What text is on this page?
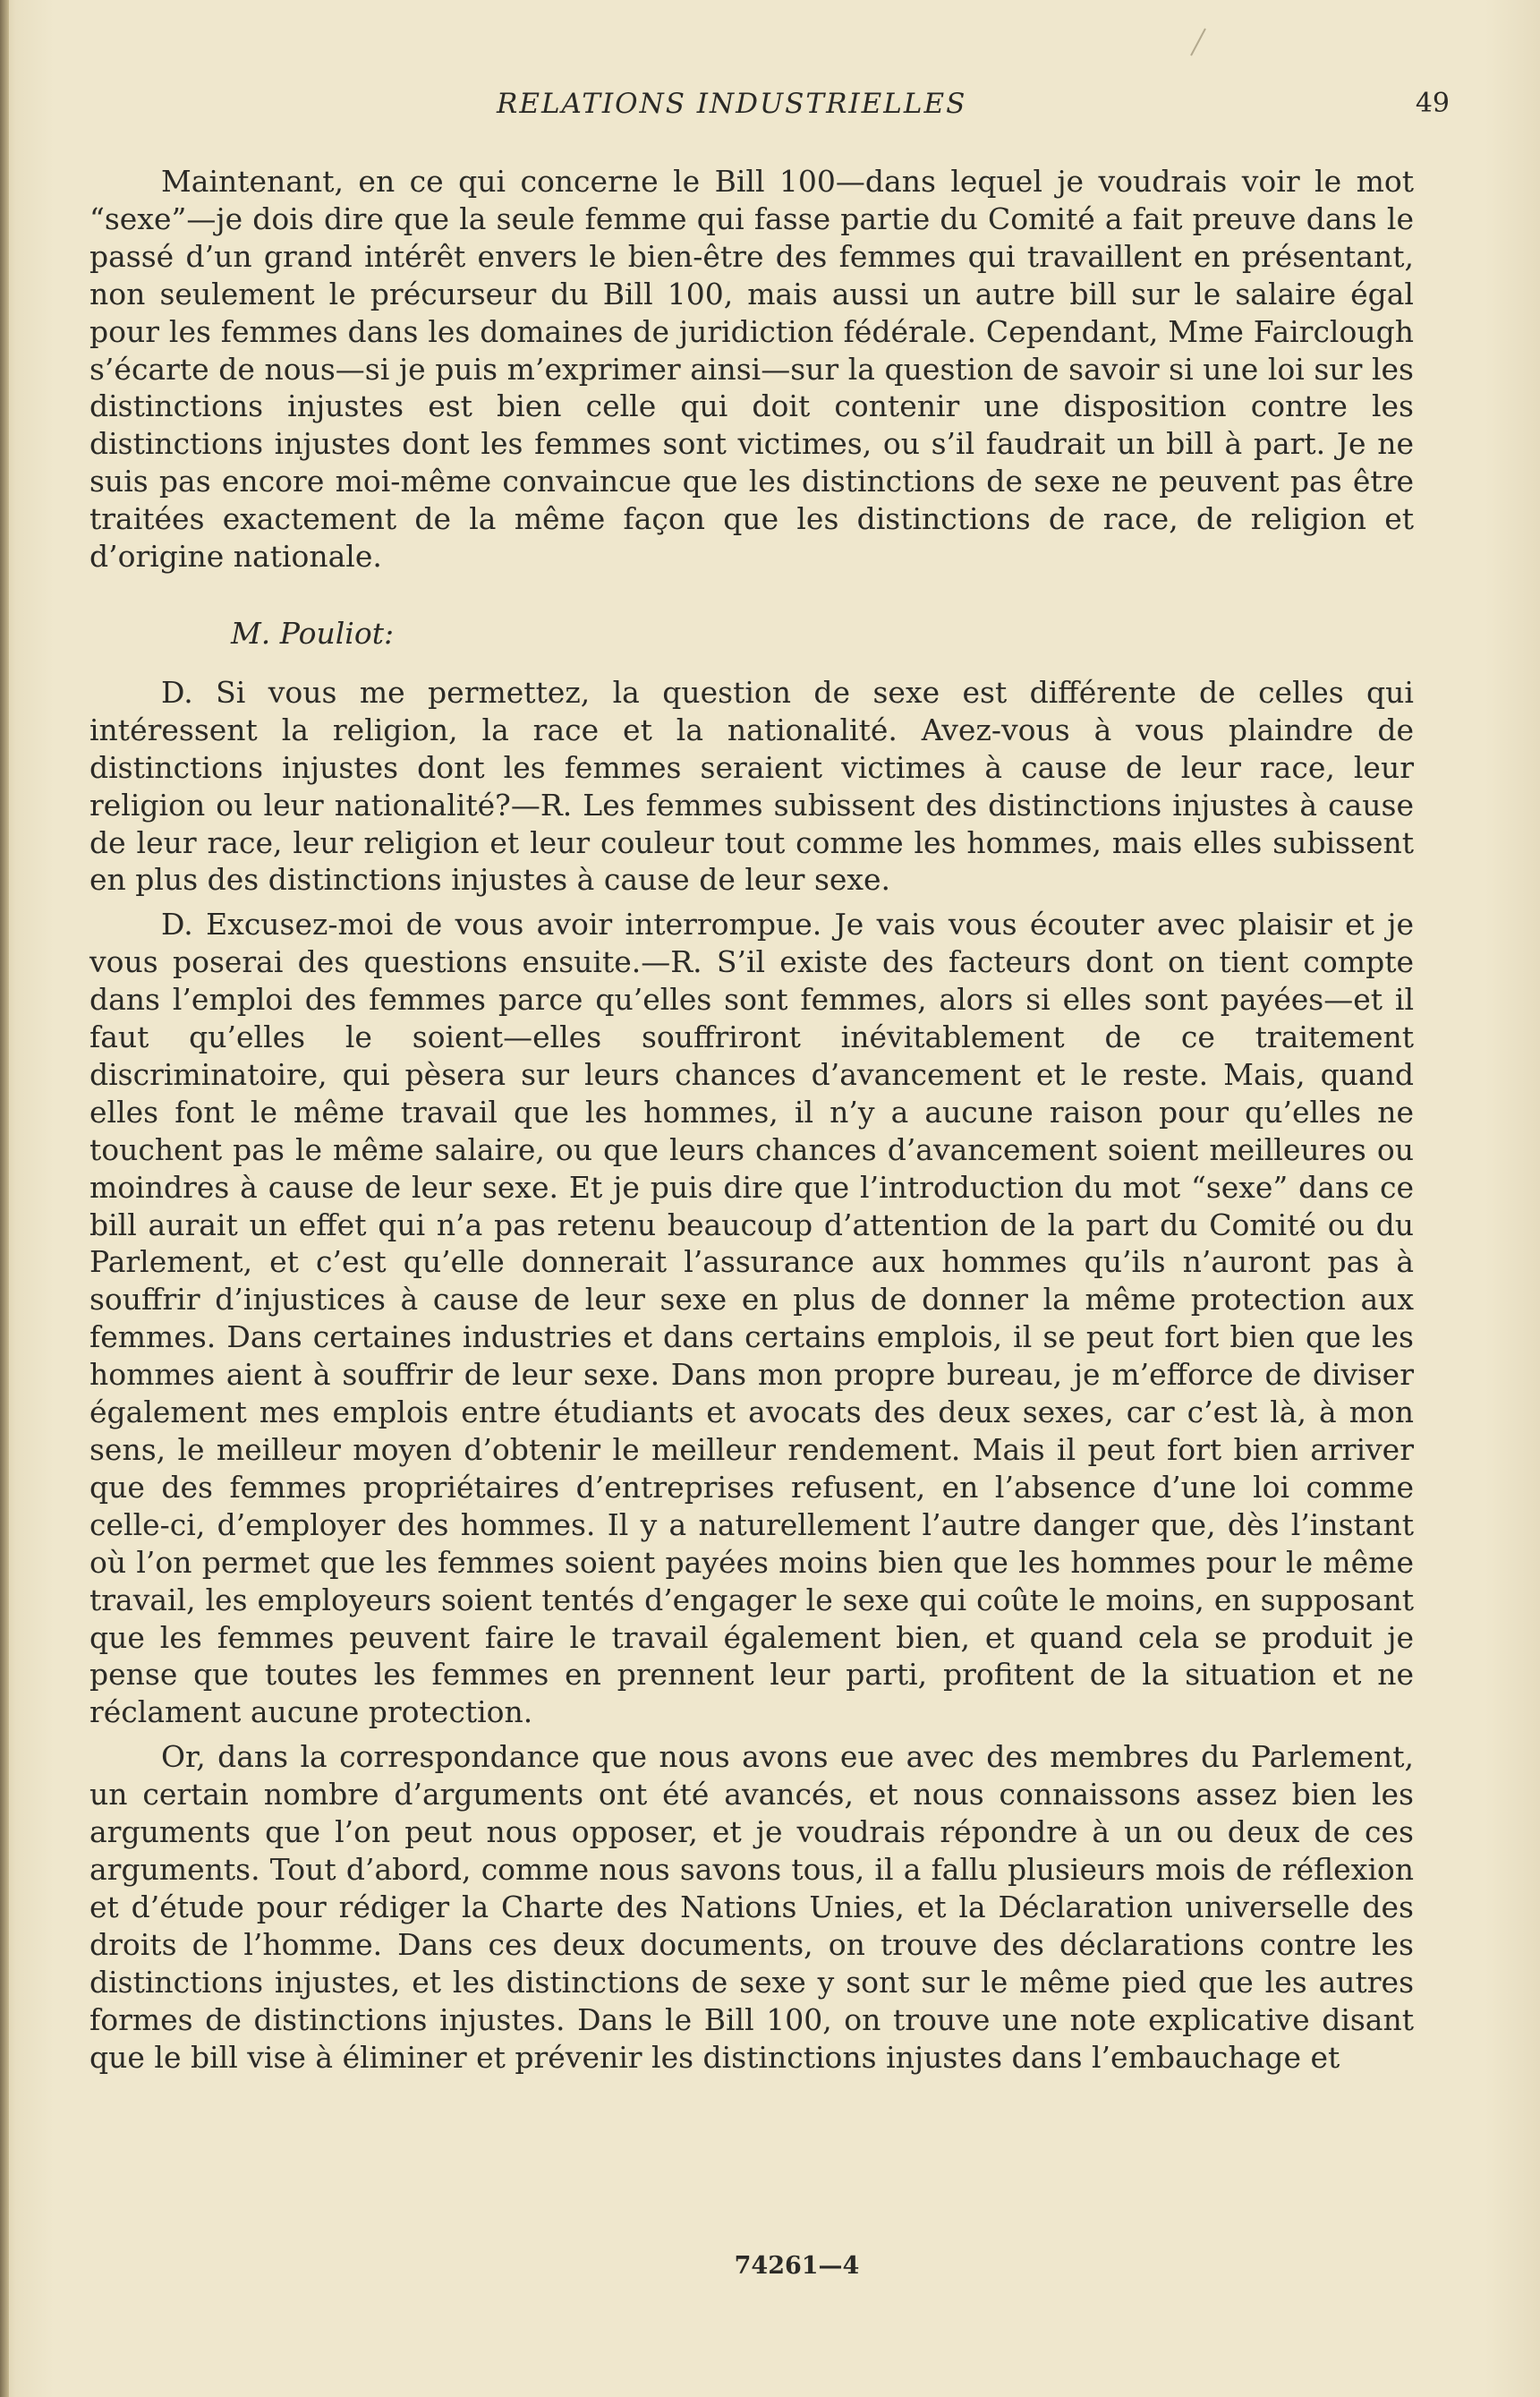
RELATIONS INDUSTRIELLES	49

Maintenant, en ce qui concerne le Bill 100—dans lequel je voudrais voir le mot “sexe”—je dois dire que la seule femme qui fasse partie du Comité a fait preuve dans le passé d’un grand intérêt envers le bien-être des femmes qui travaillent en présentant, non seulement le précurseur du Bill 100, mais aussi un autre bill sur le salaire égal pour les femmes dans les domaines de juridiction fédérale. Cependant, Mme Fairclough s’écarte de nous—si je puis m’exprimer ainsi—sur la question de savoir si une loi sur les distinctions injustes est bien celle qui doit contenir une disposition contre les distinctions injustes dont les femmes sont victimes, ou s’il faudrait un bill à part. Je ne suis pas encore moi-même convaincue que les distinctions de sexe ne peuvent pas être traitées exactement de la même façon que les distinctions de race, de religion et d’origine nationale.

M. Pouliot:

D. Si vous me permettez, la question de sexe est différente de celles qui intéressent la religion, la race et la nationalité. Avez-vous à vous plaindre de distinctions injustes dont les femmes seraient victimes à cause de leur race, leur religion ou leur nationalité?—R. Les femmes subissent des distinctions injustes à cause de leur race, leur religion et leur couleur tout comme les hommes, mais elles subissent en plus des distinctions injustes à cause de leur sexe.

D. Excusez-moi de vous avoir interrompue. Je vais vous écouter avec plaisir et je vous poserai des questions ensuite.—R. S’il existe des facteurs dont on tient compte dans l’emploi des femmes parce qu’elles sont femmes, alors si elles sont payées—et il faut qu’elles le soient—elles souffriront inévitablement de ce traitement discriminatoire, qui pèsera sur leurs chances d’avancement et le reste. Mais, quand elles font le même travail que les hommes, il n’y a aucune raison pour qu’elles ne touchent pas le même salaire, ou que leurs chances d’avancement soient meilleures ou moindres à cause de leur sexe. Et je puis dire que l’introduction du mot “sexe” dans ce bill aurait un effet qui n’a pas retenu beaucoup d’attention de la part du Comité ou du Parlement, et c’est qu’elle donnerait l’assurance aux hommes qu’ils n’auront pas à souffrir d’injustices à cause de leur sexe en plus de donner la même protection aux femmes. Dans certaines industries et dans certains emplois, il se peut fort bien que les hommes aient à souffrir de leur sexe. Dans mon propre bureau, je m’efforce de diviser également mes emplois entre étudiants et avocats des deux sexes, car c’est là, à mon sens, le meilleur moyen d’obtenir le meilleur rendement. Mais il peut fort bien arriver que des femmes propriétaires d’entreprises refusent, en l’absence d’une loi comme celle-ci, d’employer des hommes. Il y a naturellement l’autre danger que, dès l’instant où l’on permet que les femmes soient payées moins bien que les hommes pour le même travail, les employeurs soient tentés d’engager le sexe qui coûte le moins, en supposant que les femmes peuvent faire le travail également bien, et quand cela se produit je pense que toutes les femmes en prennent leur parti, profitent de la situation et ne réclament aucune protection.

Or, dans la correspondance que nous avons eue avec des membres du Parlement, un certain nombre d’arguments ont été avancés, et nous connaissons assez bien les arguments que l’on peut nous opposer, et je voudrais répondre à un ou deux de ces arguments. Tout d’abord, comme nous savons tous, il a fallu plusieurs mois de réflexion et d’étude pour rédiger la Charte des Nations Unies, et la Déclaration universelle des droits de l’homme. Dans ces deux documents, on trouve des déclarations contre les distinctions injustes, et les distinctions de sexe y sont sur le même pied que les autres formes de distinctions injustes. Dans le Bill 100, on trouve une note explicative disant que le bill vise à éliminer et prévenir les distinctions injustes dans l’embauchage et

74261—4
